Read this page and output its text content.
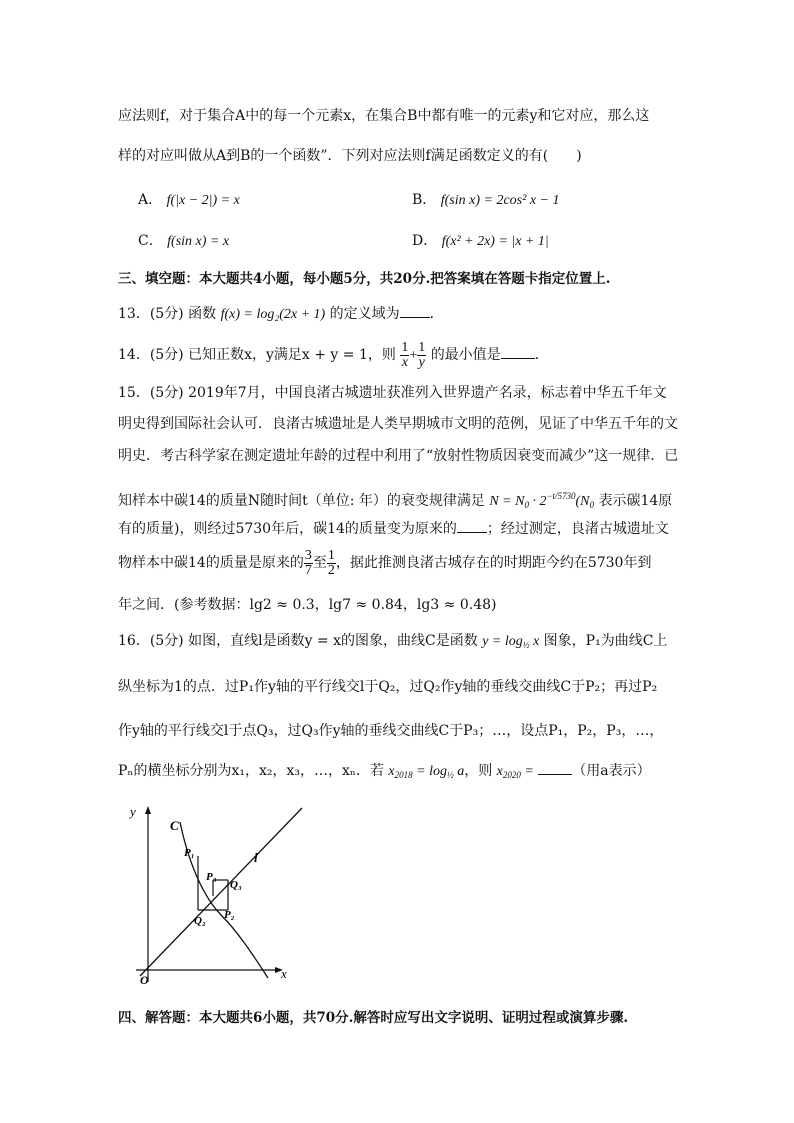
应法则f，对于集合A中的每一个元素x，在集合B中都有唯一的元素y和它对应，那么这
样的对应叫做从A到B的一个函数”．下列对应法则f满足函数定义的有(　　)
A． f(|x − 2|) = x	B． f(sin x) = 2cos² x − 1
C． f(sin x) = x	D． f(x² + 2x) = |x + 1|
三、填空题：本大题共4小题，每小题5分，共20分.把答案填在答题卡指定位置上.
13．(5分) 函数 f(x) = log₂(2x + 1) 的定义域为 ．
14．(5分) 已知正数x，y满足x + y = 1，则 $\frac{1}{x} + \frac{1}{y}$ 的最小值是 ．
15．(5分) 2019年7月，中国良渚古城遗址获准列入世界遗产名录，标志着中华五千年文
明史得到国际社会认可．良渚古城遗址是人类早期城市文明的范例，见证了中华五千年的文
明史．考古科学家在测定遗址年龄的过程中利用了“放射性物质因衰变而减少”这一规律．已
知样本中碳14的质量N随时间t（单位: 年）的衰变规律满足 $N = N_0 \cdot 2^{-t/5730}(N_0$ 表示碳14原
有的质量)，则经过5730年后，碳14的质量变为原来的 ；经过测定，良渚古城遗址文
物样本中碳14的质量是原来的 $\frac{3}{7}$ 至 $\frac{1}{2}$ ，据此推测良渚古城存在的时期距今约在5730年到
年之间．(参考数据：lg2 ≈ 0.3，lg7 ≈ 0.84，lg3 ≈ 0.48)
16．(5分) 如图，直线l是函数y = x的图象，曲线C是函数 $y = \log_{\frac{1}{2}} x$ 图象，P₁为曲线C上
纵坐标为1的点．过P₁作y轴的平行线交l于Q₂，过Q₂作y轴的垂线交曲线C于P₂；再过P₂
作y轴的平行线交l于点Q₃，过Q₃作y轴的垂线交曲线C于P₃；…，设点P₁，P₂，P₃，…，
Pₙ的横坐标分别为x₁，x₂，x₃，…，xₙ．若 $x_{2018} = \log_{\frac{1}{2}} a$，则 $x_{2020}$ =	（用a表示）
y
x
O
C
l
P₁
P₃
Q₃
Q₂ P₂
四、解答题：本大题共6小题，共70分.解答时应写出文字说明、证明过程或演算步骤.
